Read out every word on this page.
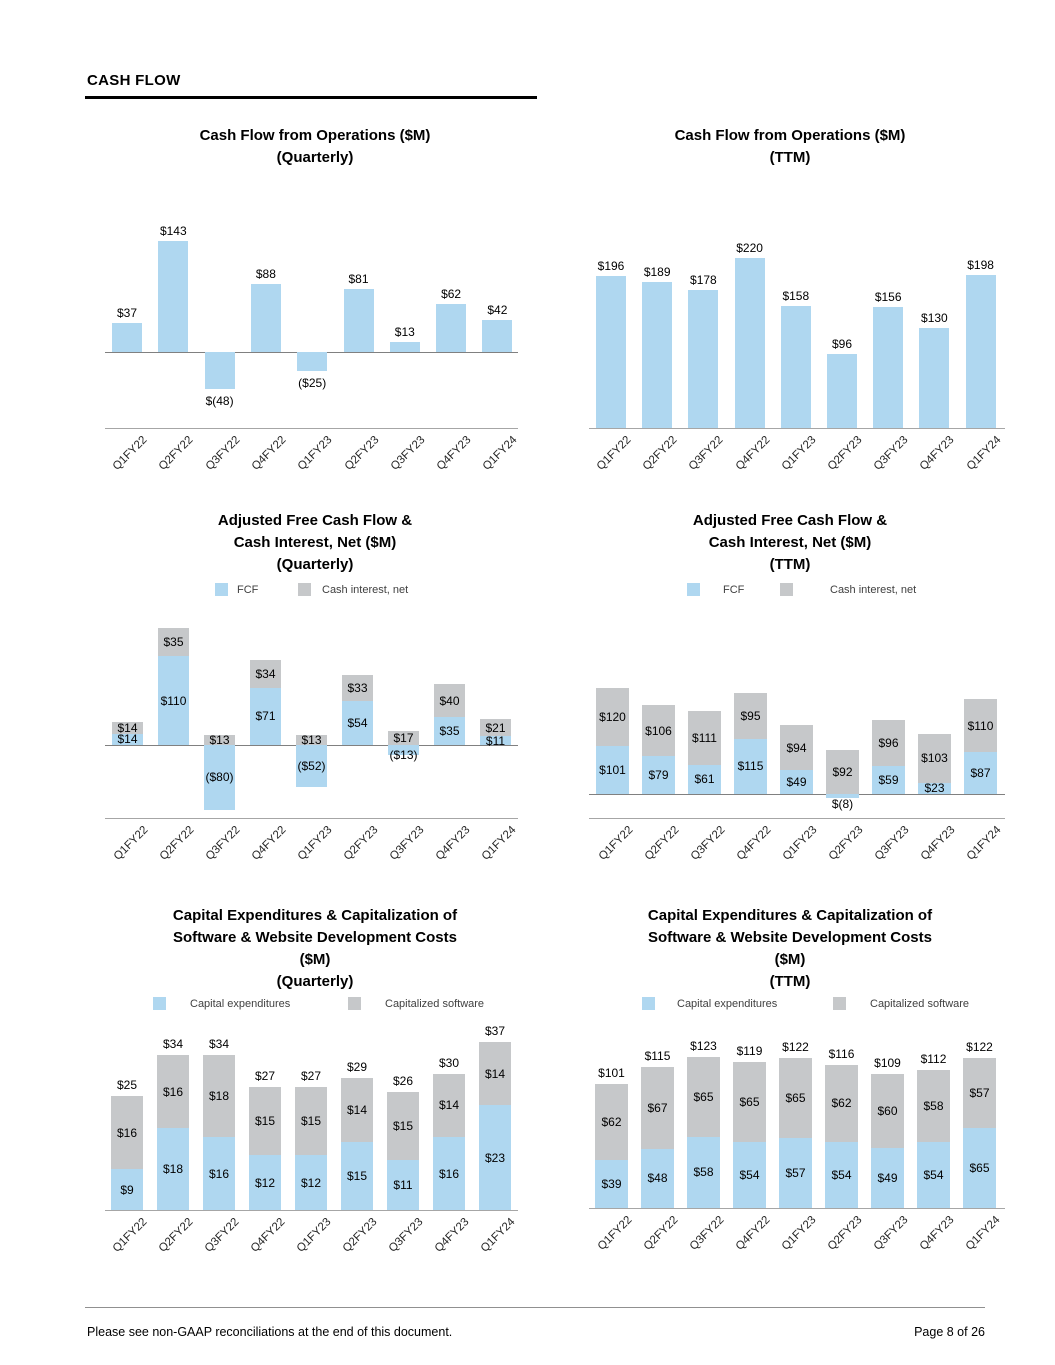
CASH FLOW
Cash Flow from Operations ($M)
(Quarterly)
$37
Q1FY22
$143
Q2FY22
$(48)
Q3FY22
$88
Q4FY22
($25)
Q1FY23
$81
Q2FY23
$13
Q3FY23
$62
Q4FY23
$42
Q1FY24
Cash Flow from Operations ($M)
(TTM)
$196
Q1FY22
$189
Q2FY22
$178
Q3FY22
$220
Q4FY22
$158
Q1FY23
$96
Q2FY23
$156
Q3FY23
$130
Q4FY23
$198
Q1FY24
Adjusted Free Cash Flow &
Cash Interest, Net ($M)
(Quarterly)
FCF	Cash interest, net
$14
$14
Q1FY22
$110
$35
Q2FY22
($80)
$13
Q3FY22
$71
$34
Q4FY22
($52)
$13
Q1FY23
$54
$33
Q2FY23
($13)
$17
Q3FY23
$35
$40
Q4FY23
$11
$21
Q1FY24
Adjusted Free Cash Flow &
Cash Interest, Net ($M)
(TTM)
FCF	Cash interest, net
$101
$120
Q1FY22
$79
$106
Q2FY22
$61
$111
Q3FY22
$115
$95
Q4FY22
$49
$94
Q1FY23
$(8)
$92
Q2FY23
$59
$96
Q3FY23
$23
$103
Q4FY23
$87
$110
Q1FY24
Capital Expenditures & Capitalization of
Software & Website Development Costs
($M)
(Quarterly)
Capital expenditures	Capitalized software
$9
$16
$25
Q1FY22
$18
$16
$34
Q2FY22
$16
$18
$34
Q3FY22
$12
$15
$27
Q4FY22
$12
$15
$27
Q1FY23
$15
$14
$29
Q2FY23
$11
$15
$26
Q3FY23
$16
$14
$30
Q4FY23
$23
$14
$37
Q1FY24
Capital Expenditures & Capitalization of
Software & Website Development Costs
($M)
(TTM)
Capital expenditures	Capitalized software
$39
$62
$101
Q1FY22
$48
$67
$115
Q2FY22
$58
$65
$123
Q3FY22
$54
$65
$119
Q4FY22
$57
$65
$122
Q1FY23
$54
$62
$116
Q2FY23
$49
$60
$109
Q3FY23
$54
$58
$112
Q4FY23
$65
$57
$122
Q1FY24
Please see non-GAAP reconciliations at the end of this document.	Page 8 of 26
